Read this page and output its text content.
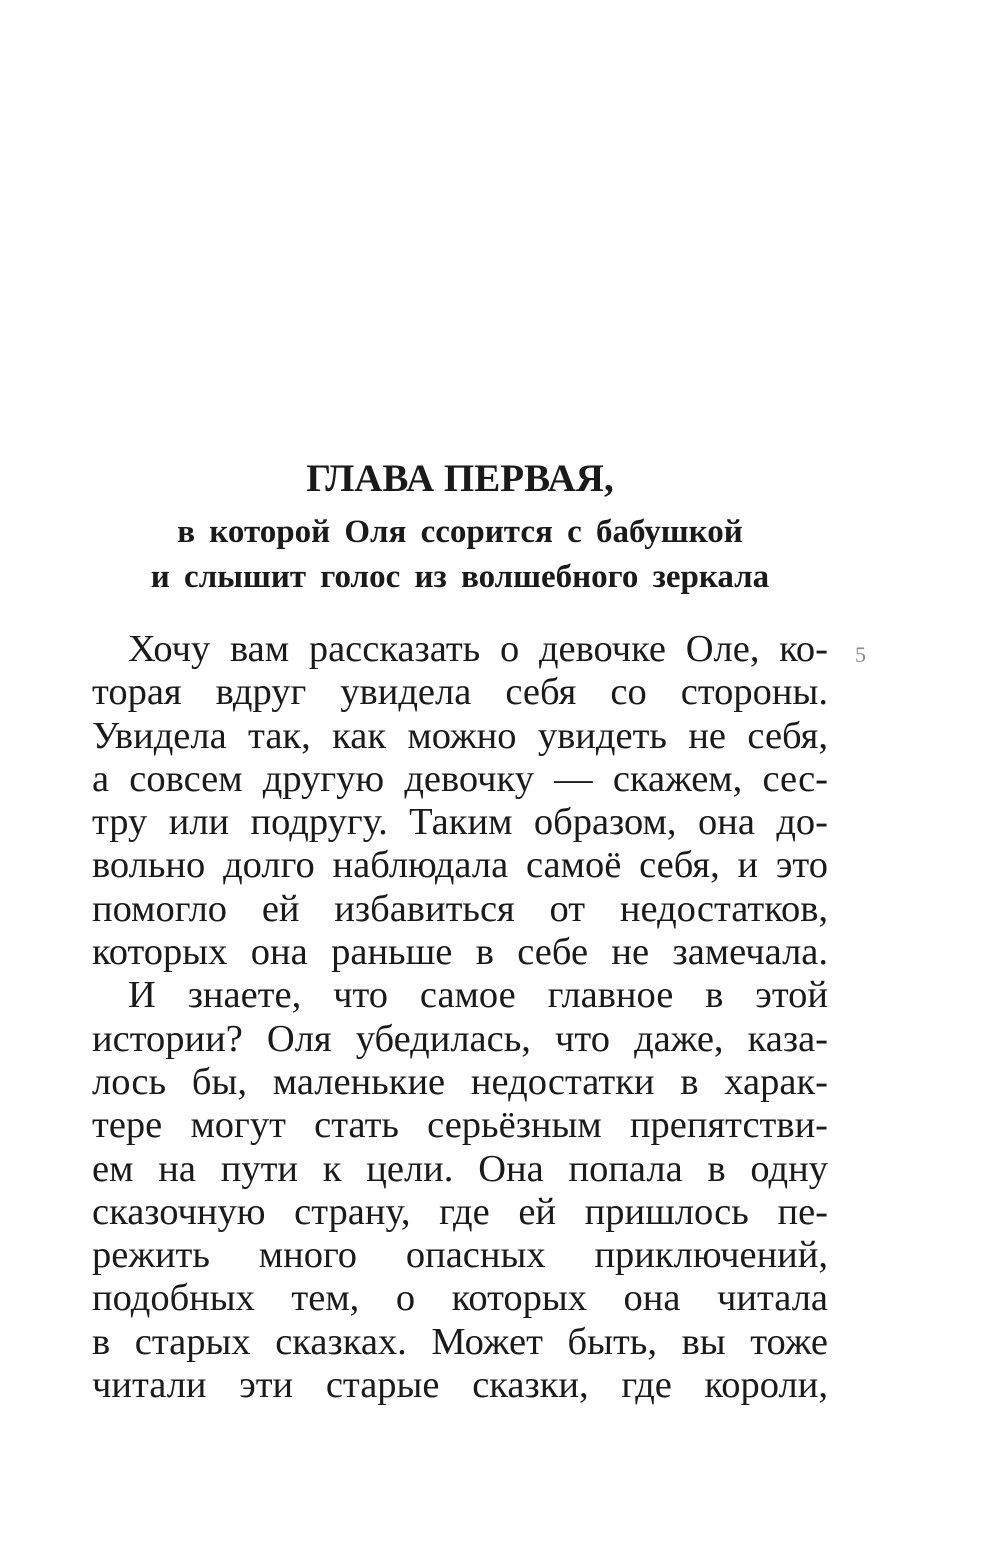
ГЛАВА ПЕРВАЯ,
в которой Оля ссорится с бабушкой
и слышит голос из волшебного зеркала
5
Хочу вам рассказать о девочке Оле, ко-
торая вдруг увидела себя со стороны.
Увидела так, как можно увидеть не себя,
а совсем другую девочку — скажем, сес-
тру или подругу. Таким образом, она до-
вольно долго наблюдала самоё себя, и это
помогло ей избавиться от недостатков,
которых она раньше в себе не замечала.
И знаете, что самое главное в этой
истории? Оля убедилась, что даже, каза-
лось бы, маленькие недостатки в харак-
тере могут стать серьёзным препятстви-
ем на пути к цели. Она попала в одну
сказочную страну, где ей пришлось пе-
режить много опасных приключений,
подобных тем, о которых она читала
в старых сказках. Может быть, вы тоже
читали эти старые сказки, где короли,
